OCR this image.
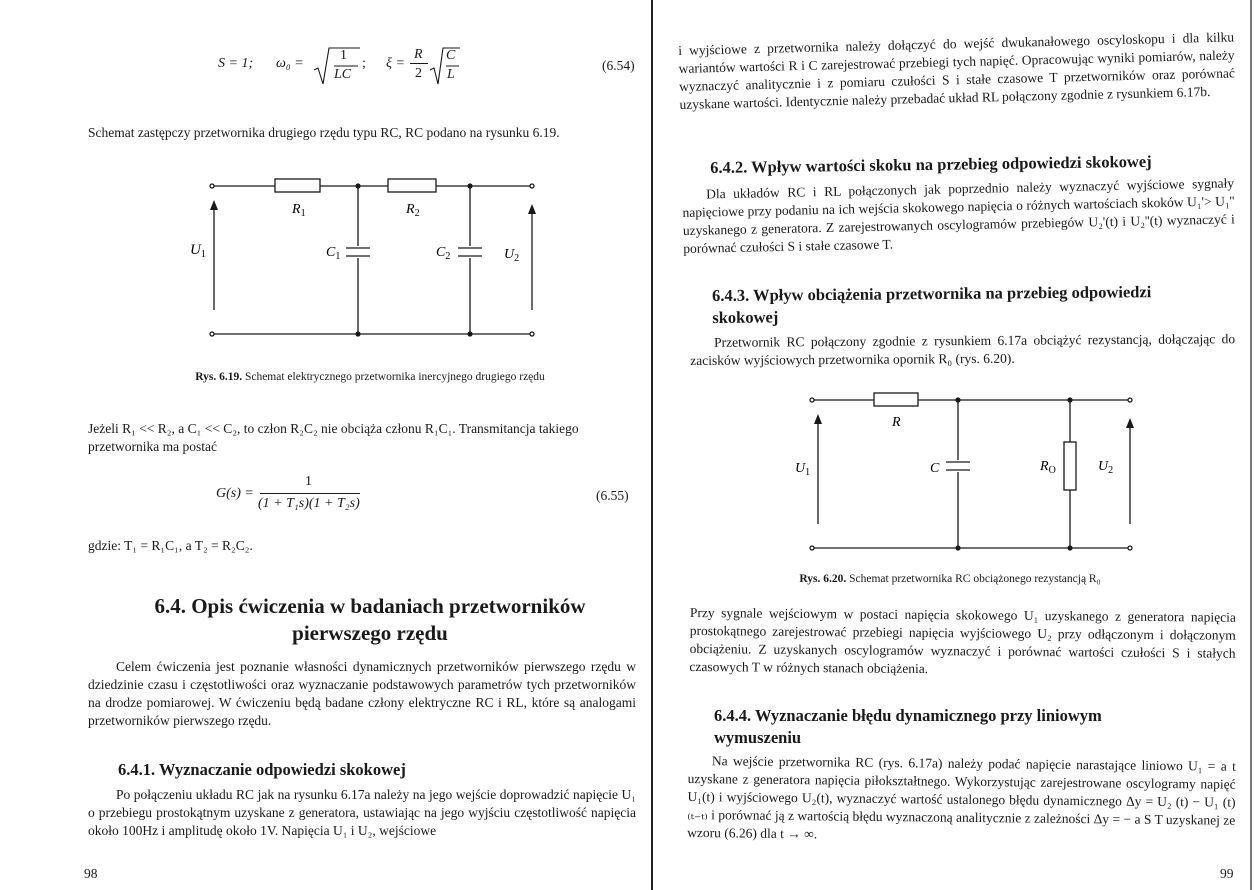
S = 1; ω₀ =
1
LC
; ξ =
R
2
C
L
(6.54)

Schemat zastępczy przetwornika drugiego rzędu typu RC, RC podano na rysunku 6.19.

$R_1$	$R_2$
$C_1$	$C_2$
$U_1$	$U_2$
Rys. 6.19. Schemat elektrycznego przetwornika inercyjnego drugiego rzędu

Jeżeli R₁ << R₂, a C₁ << C₂, to człon R₂C₂ nie obciąża członu R₁C₁. Transmitancja takiego

przetwornika ma postać

G(s) =
1
(1 + T₁s)(1 + T₂s)
(6.55)

gdzie: T₁ = R₁C₁, a T₂ = R₂C₂.

6.4. Opis ćwiczenia w badaniach przetworników pierwszego rzędu

Celem ćwiczenia jest poznanie własności dynamicznych przetworników pierwszego rzędu w dziedzinie czasu i częstotliwości oraz wyznaczanie podstawowych parametrów tych przetworników na drodze pomiarowej. W ćwiczeniu będą badane człony elektryczne RC i RL, które są analogami przetworników pierwszego rzędu.

6.4.1. Wyznaczanie odpowiedzi skokowej

Po połączeniu układu RC jak na rysunku 6.17a należy na jego wejście doprowadzić napięcie U₁ o przebiegu prostokątnym uzyskane z generatora, ustawiając na jego wyjściu częstotliwość napięcia około 100Hz i amplitudę około 1V. Napięcia U₁ i U₂, wejściowe

98

i wyjściowe z przetwornika należy dołączyć do wejść dwukanałowego oscyloskopu i dla kilku wariantów wartości R i C zarejestrować przebiegi tych napięć. Opracowując wyniki pomiarów, należy wyznaczyć analitycznie i z pomiaru czułości S i stałe czasowe T przetworników oraz porównać uzyskane wartości. Identycznie należy przebadać układ RL połączony zgodnie z rysunkiem 6.17b.

6.4.2. Wpływ wartości skoku na przebieg odpowiedzi skokowej

Dla układów RC i RL połączonych jak poprzednio należy wyznaczyć wyjściowe sygnały napięciowe przy podaniu na ich wejścia skokowego napięcia o różnych wartościach skoków U₁'> U₁'' uzyskanego z generatora. Z zarejestrowanych oscylogramów przebiegów U₂'(t) i U₂''(t) wyznaczyć i porównać czułości S i stałe czasowe T.

6.4.3. Wpływ obciążenia przetwornika na przebieg odpowiedzi skokowej

Przetwornik RC połączony zgodnie z rysunkiem 6.17a obciążyć rezystancją, dołączając do zacisków wyjściowych przetwornika opornik R₀ (rys. 6.20).

R
C	$R_O$
$U_1$	$U_2$
Rys. 6.20. Schemat przetwornika RC obciążonego rezystancją R₀

Przy sygnale wejściowym w postaci napięcia skokowego U₁ uzyskanego z generatora napięcia prostokątnego zarejestrować przebiegi napięcia wyjściowego U₂ przy odłączonym i dołączonym obciążeniu. Z uzyskanych oscylogramów wyznaczyć i porównać wartości czułości S i stałych czasowych T w różnych stanach obciążenia.

6.4.4. Wyznaczanie błędu dynamicznego przy liniowym wymuszeniu

Na wejście przetwornika RC (rys. 6.17a) należy podać napięcie narastające liniowo U₁ = a t uzyskane z generatora napięcia piłokształtnego. Wykorzystując zarejestrowane oscylogramy napięć U₁(t) i wyjściowego U₂(t), wyznaczyć wartość ustalonego błędu dynamicznego Δy = U₂ (t) − U₁ (t)₍ₜ₋ₜ₎ i porównać ją z wartością błędu wyznaczoną analitycznie z zależności Δy = − a S T uzyskanej ze wzoru (6.26) dla t → ∞.

99
